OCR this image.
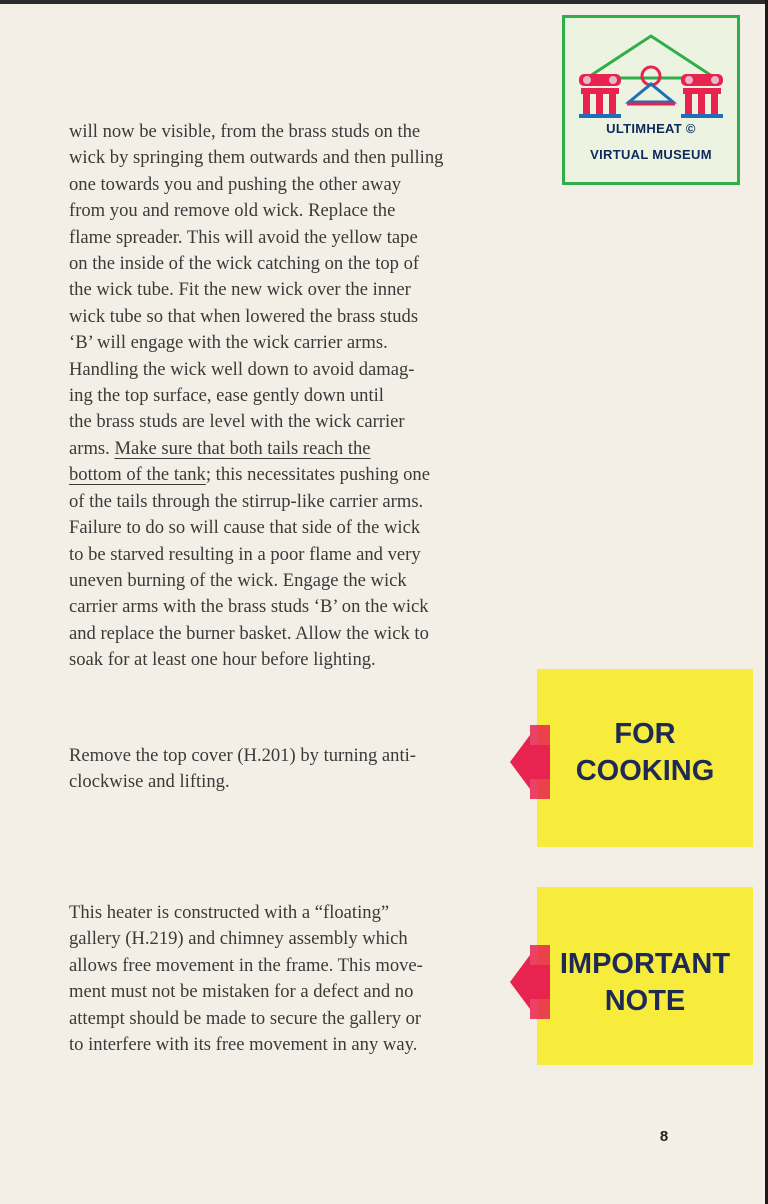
will now be visible, from the brass studs on the
wick by springing them outwards and then pulling
one towards you and pushing the other away
from you and remove old wick. Replace the
flame spreader. This will avoid the yellow tape
on the inside of the wick catching on the top of
the wick tube. Fit the new wick over the inner
wick tube so that when lowered the brass studs
‘B’ will engage with the wick carrier arms.
Handling the wick well down to avoid damag-
ing the top surface, ease gently down until
the brass studs are level with the wick carrier
arms. Make sure that both tails reach the
bottom of the tank; this necessitates pushing one
of the tails through the stirrup-like carrier arms.
Failure to do so will cause that side of the wick
to be starved resulting in a poor flame and very
uneven burning of the wick. Engage the wick
carrier arms with the brass studs ‘B’ on the wick
and replace the burner basket. Allow the wick to
soak for at least one hour before lighting.
Remove the top cover (H.201) by turning anti-
clockwise and lifting.
This heater is constructed with a “floating”
gallery (H.219) and chimney assembly which
allows free movement in the frame. This move-
ment must not be mistaken for a defect and no
attempt should be made to secure the gallery or
to interfere with its free movement in any way.
ULTIMHEAT ©
VIRTUAL MUSEUM
FOR
COOKING
IMPORTANT
NOTE
8
